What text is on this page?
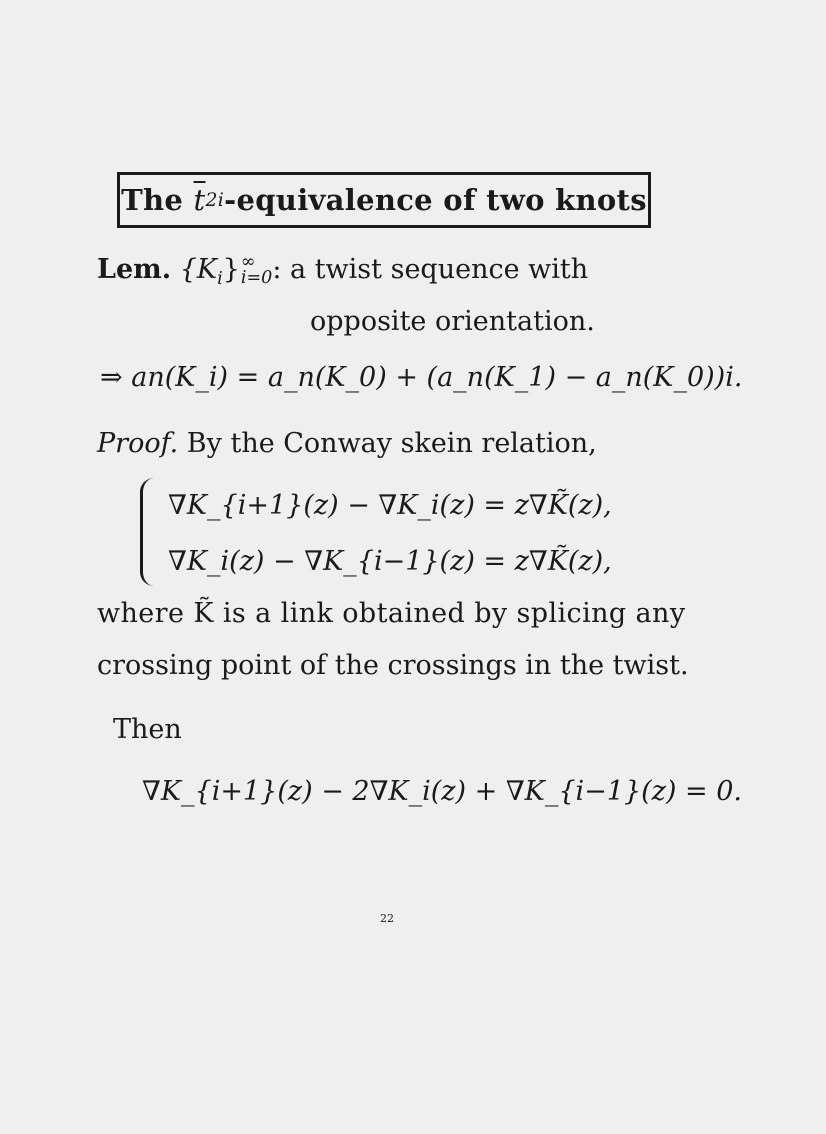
The
$\overline{t}$ 2i -equivalence of two knots
Lem. $\{K_i\}$ ∞
i=0 : a twist sequence with
opposite orientation.
⇒ an(K_i) = a_n(K_0) + (a_n(K_1) − a_n(K_0))i.
Proof. By the Conway skein relation,
∇K_{i+1}(z) − ∇K_i(z) = z∇K̃(z),
∇K_i(z) − ∇K_{i−1}(z) = z∇K̃(z),
where K̃ is a link obtained by splicing any
crossing point of the crossings in the twist.
Then
∇K_{i+1}(z) − 2∇K_i(z) + ∇K_{i−1}(z) = 0.
22
